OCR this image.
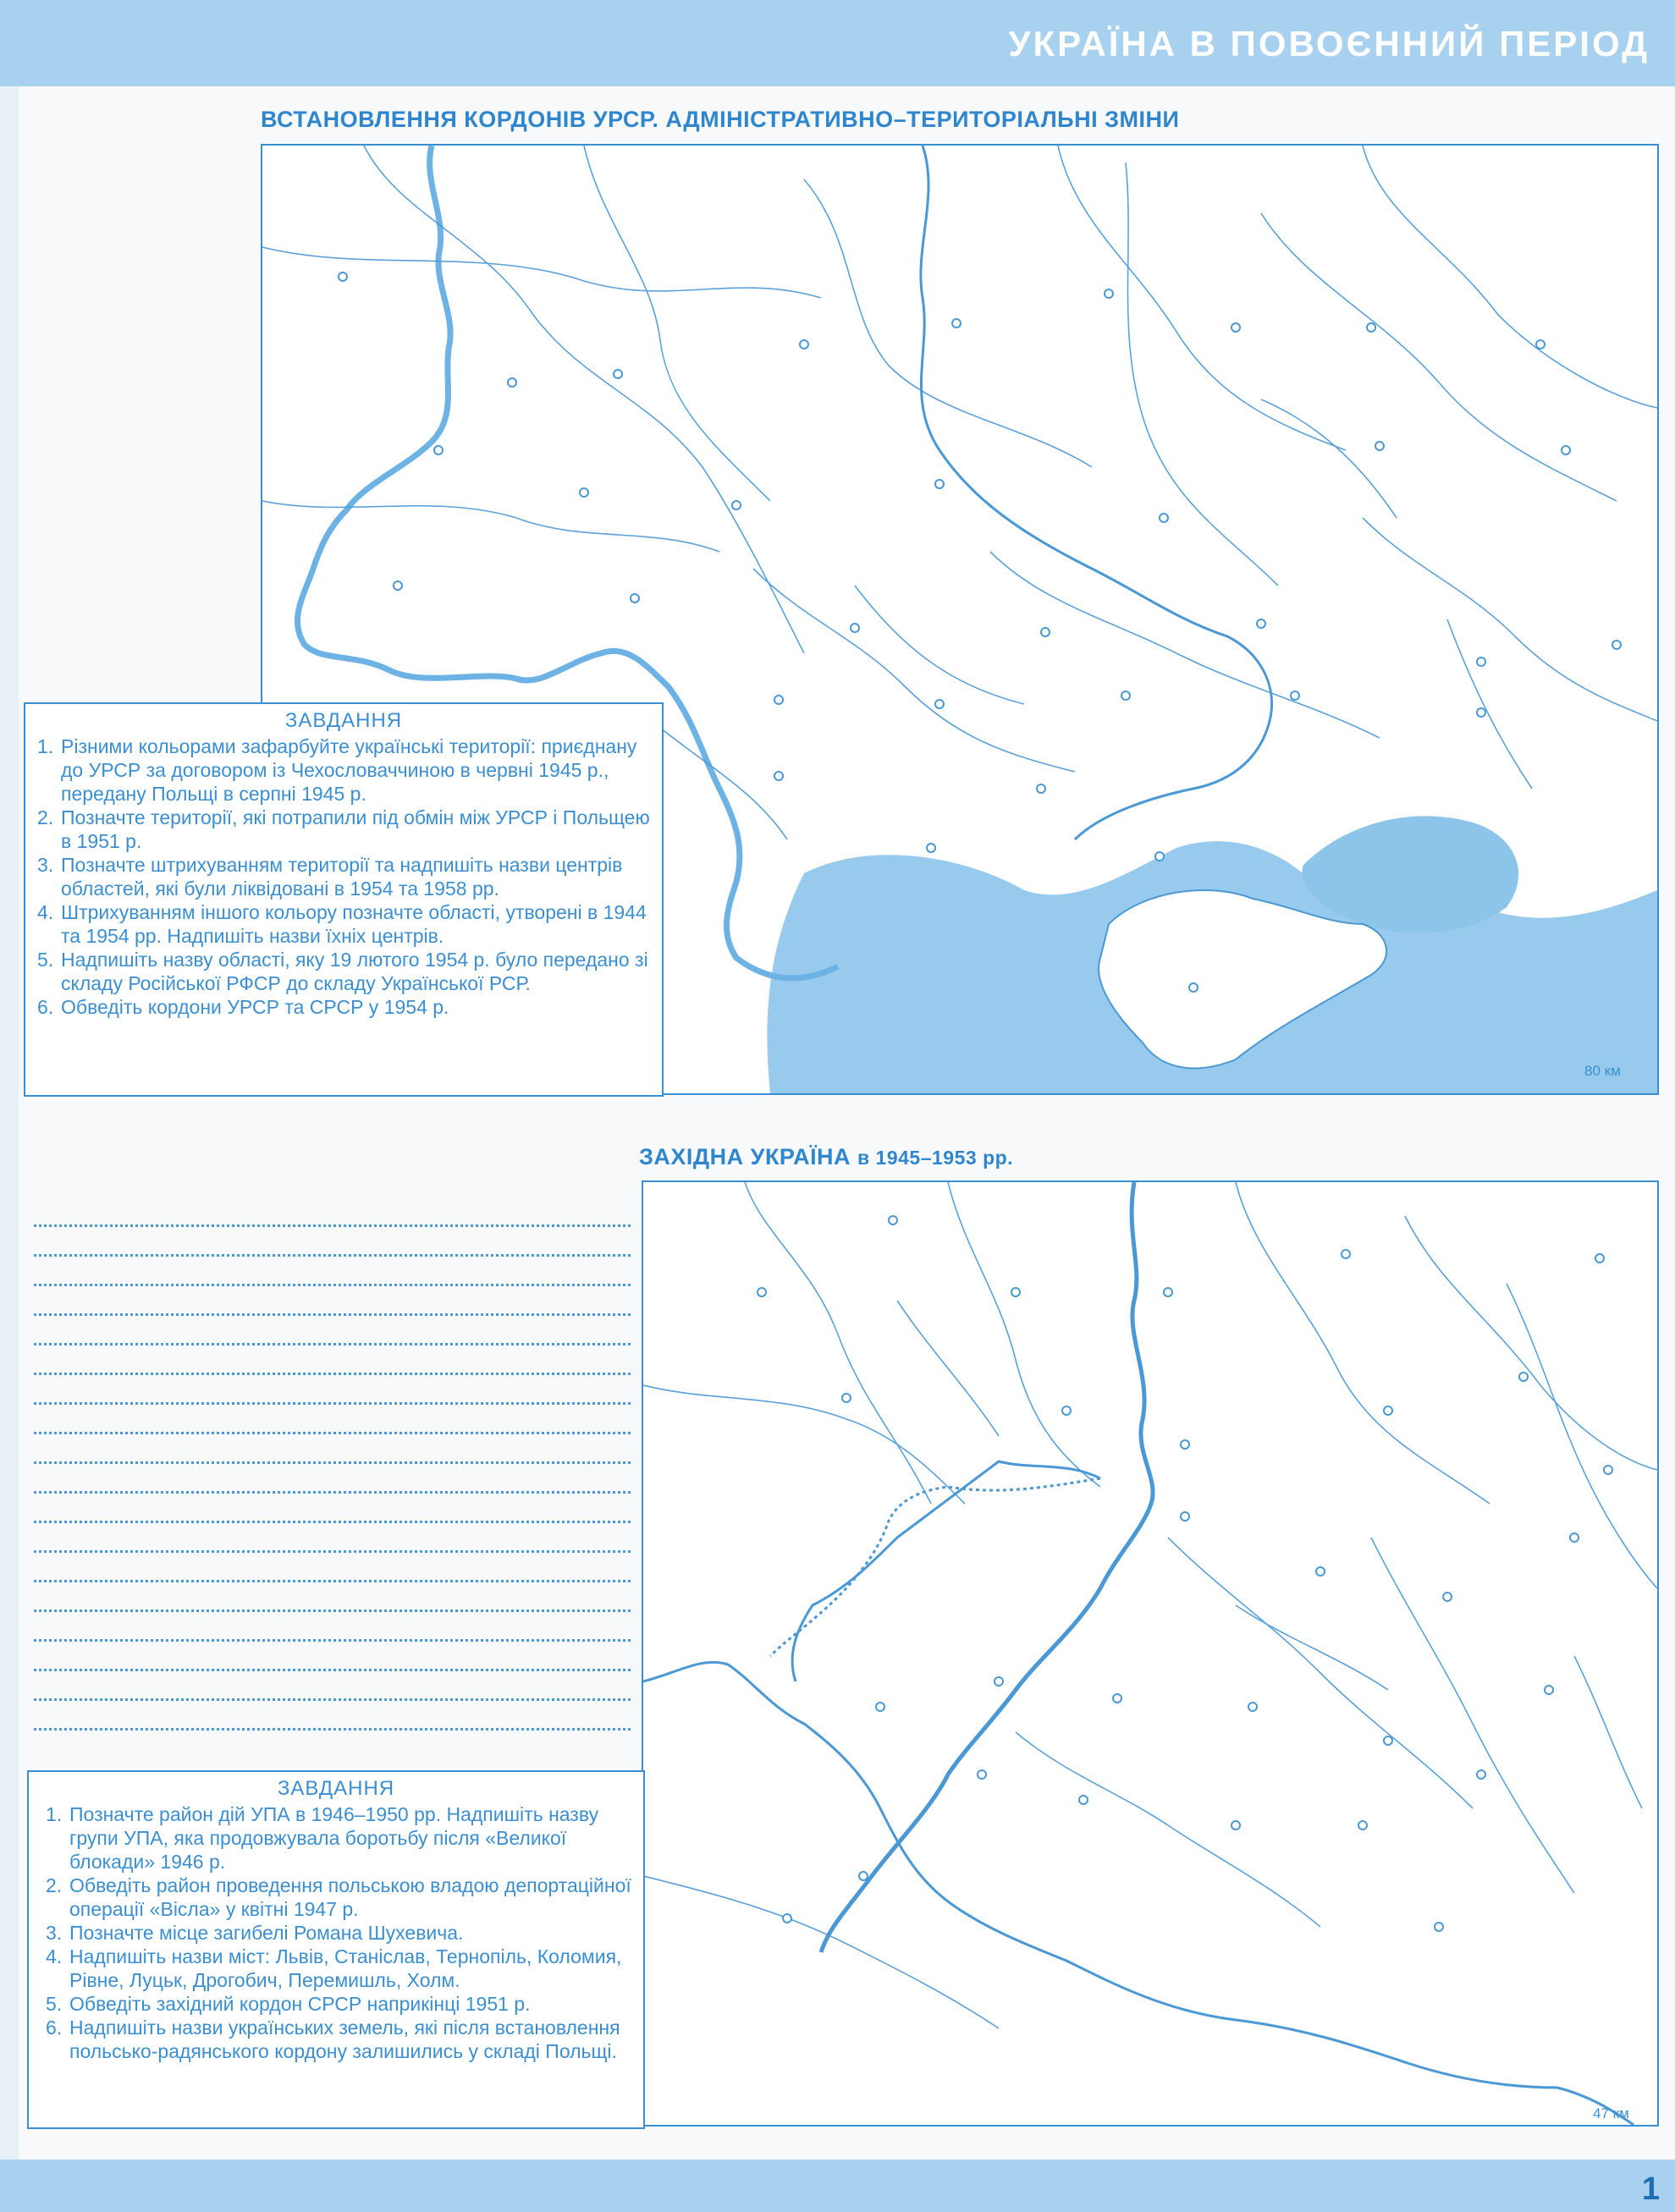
УКРАЇНА В ПОВОЄННИЙ ПЕРІОД
ВСТАНОВЛЕННЯ КОРДОНІВ УРСР. АДМІНІСТРАТИВНО–ТЕРИТОРІАЛЬНІ ЗМІНИ
80 км
ЗАВДАННЯ
1. Різними кольорами зафарбуйте українські території: приєднану до УРСР за договором із Чехословаччиною в червні 1945 р., передану Польщі в серпні 1945 р.
2. Позначте території, які потрапили під обмін між УРСР і Польщею в 1951 р.
3. Позначте штрихуванням території та надпишіть назви центрів областей, які були ліквідовані в 1954 та 1958 рр.
4. Штрихуванням іншого кольору позначте області, утворені в 1944 та 1954 рр. Надпишіть назви їхніх центрів.
5. Надпишіть назву області, яку 19 лютого 1954 р. було передано зі складу Російської РФСР до складу Української РСР.
6. Обведіть кордони УРСР та СРСР у 1954 р.
ЗАХІДНА УКРАЇНА в 1945–1953 рр.
47 км
ЗАВДАННЯ
1. Позначте район дій УПА в 1946–1950 рр. Надпишіть назву групи УПА, яка продовжувала боротьбу після «Великої блокади» 1946 р.
2. Обведіть район проведення польською владою депортаційної операції «Вісла» у квітні 1947 р.
3. Позначте місце загибелі Романа Шухевича.
4. Надпишіть назви міст: Львів, Станіслав, Тернопіль, Коломия, Рівне, Луцьк, Дрогобич, Перемишль, Холм.
5. Обведіть західний кордон СРСР наприкінці 1951 р.
6. Надпишіть назви українських земель, які після встановлення польсько-радянського кордону залишились у складі Польщі.
1
